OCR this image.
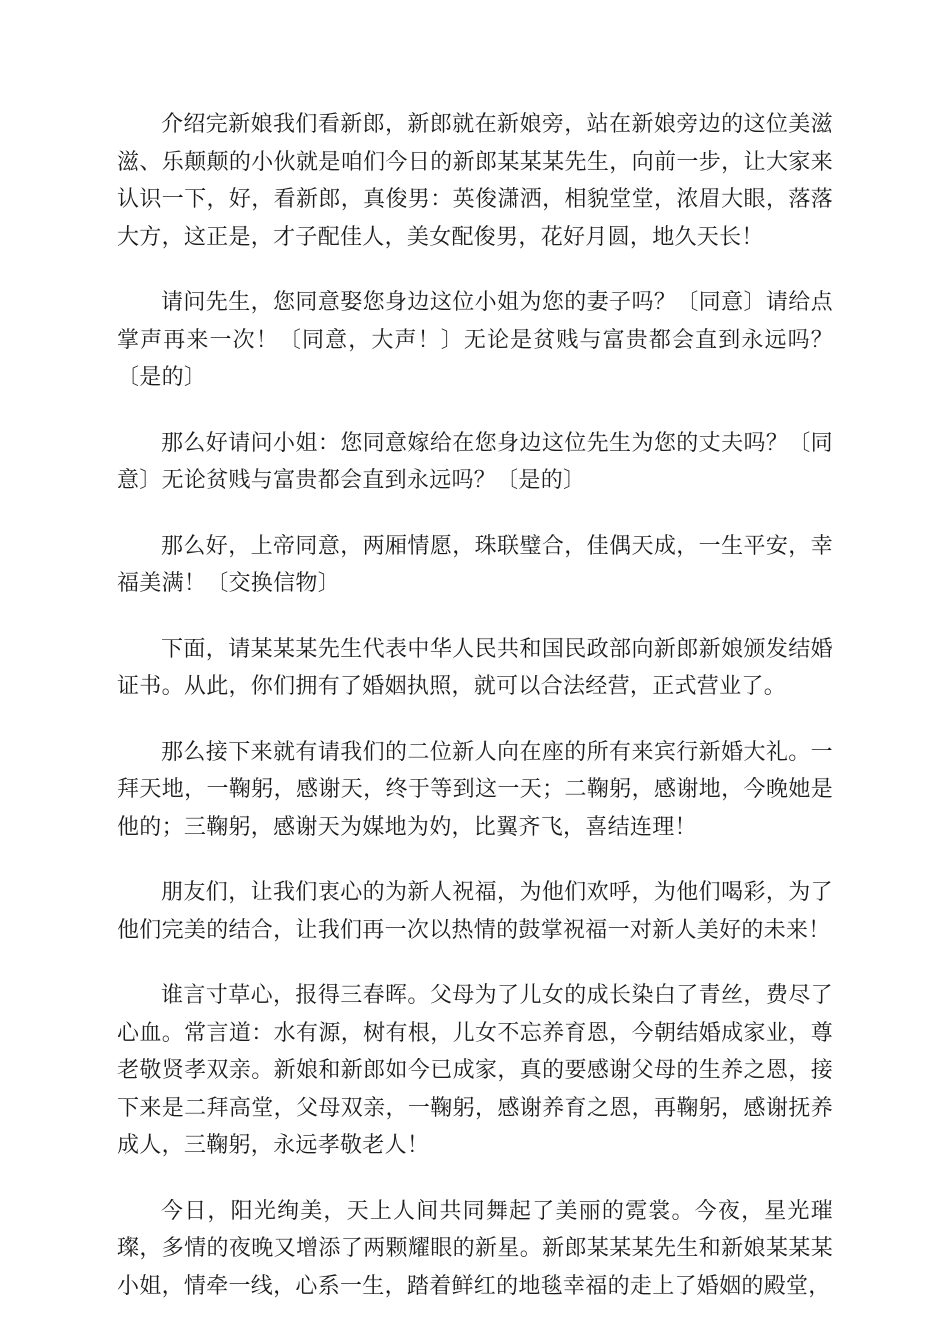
介绍完新娘我们看新郎，新郎就在新娘旁，站在新娘旁边的这位美滋滋、乐颠颠的小伙就是咱们今日的新郎某某某先生，向前一步，让大家来认识一下，好，看新郎，真俊男：英俊潇洒，相貌堂堂，浓眉大眼，落落大方，这正是，才子配佳人，美女配俊男，花好月圆，地久天长！

请问先生，您同意娶您身边这位小姐为您的妻子吗？〔同意〕请给点掌声再来一次！〔同意，大声！〕无论是贫贱与富贵都会直到永远吗？〔是的〕

那么好请问小姐：您同意嫁给在您身边这位先生为您的丈夫吗？〔同意〕无论贫贱与富贵都会直到永远吗？〔是的〕

那么好，上帝同意，两厢情愿，珠联璧合，佳偶天成，一生平安，幸福美满！〔交换信物〕

下面，请某某某先生代表中华人民共和国民政部向新郎新娘颁发结婚证书。从此，你们拥有了婚姻执照，就可以合法经营，正式营业了。

那么接下来就有请我们的二位新人向在座的所有来宾行新婚大礼。一拜天地，一鞠躬，感谢天，终于等到这一天；二鞠躬，感谢地，今晚她是他的；三鞠躬，感谢天为媒地为妁，比翼齐飞，喜结连理！

朋友们，让我们衷心的为新人祝福，为他们欢呼，为他们喝彩，为了他们完美的结合，让我们再一次以热情的鼓掌祝福一对新人美好的未来！

谁言寸草心，报得三春晖。父母为了儿女的成长染白了青丝，费尽了心血。常言道：水有源，树有根，儿女不忘养育恩，今朝结婚成家业，尊老敬贤孝双亲。新娘和新郎如今已成家，真的要感谢父母的生养之恩，接下来是二拜高堂，父母双亲，一鞠躬，感谢养育之恩，再鞠躬，感谢抚养成人，三鞠躬，永远孝敬老人！

今日，阳光绚美，天上人间共同舞起了美丽的霓裳。今夜，星光璀璨，多情的夜晚又增添了两颗耀眼的新星。新郎某某某先生和新娘某某某小姐，情牵一线，心系一生，踏着鲜红的地毯幸福的走上了婚姻的殿堂，
